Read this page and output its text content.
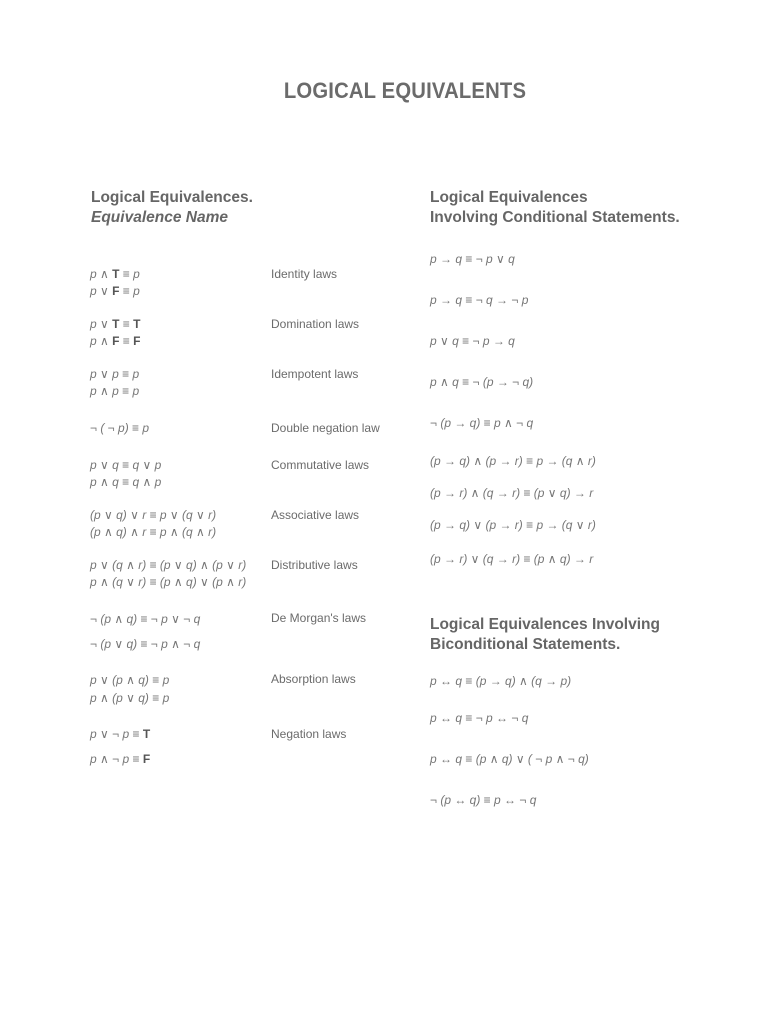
LOGICAL EQUIVALENTS
Logical Equivalences.
Equivalence Name
p ∧ T ≡ p
p ∨ F ≡ p
Identity laws
p ∨ T ≡ T
p ∧ F ≡ F
Domination laws
p ∨ p ≡ p
p ∧ p ≡ p
Idempotent laws
¬ ( ¬ p) ≡ p	Double negation law
p ∨ q ≡ q ∨ p
p ∧ q ≡ q ∧ p
Commutative laws
(p ∨ q) ∨ r ≡ p ∨ (q ∨ r)
(p ∧ q) ∧ r ≡ p ∧ (q ∧ r)
Associative laws
p ∨ (q ∧ r) ≡ (p ∨ q) ∧ (p ∨ r)
p ∧ (q ∨ r) ≡ (p ∧ q) ∨ (p ∧ r)
Distributive laws
¬ (p ∧ q) ≡ ¬ p ∨ ¬ q
¬ (p ∨ q) ≡ ¬ p ∧ ¬ q
De Morgan's laws
p ∨ (p ∧ q) ≡ p
p ∧ (p ∨ q) ≡ p
Absorption laws
p ∨ ¬ p ≡ T
p ∧ ¬ p ≡ F
Negation laws
Logical Equivalences
Involving Conditional Statements.
p → q ≡ ¬ p ∨ q
p → q ≡ ¬ q → ¬ p
p ∨ q ≡ ¬ p → q
p ∧ q ≡ ¬ (p → ¬ q)
¬ (p → q) ≡ p ∧ ¬ q
(p → q) ∧ (p → r) ≡ p → (q ∧ r)
(p → r) ∧ (q → r) ≡ (p ∨ q) → r
(p → q) ∨ (p → r) ≡ p → (q ∨ r)
(p → r) ∨ (q → r) ≡ (p ∧ q) → r
Logical Equivalences Involving
Biconditional Statements.
p ↔ q ≡ (p → q) ∧ (q → p)
p ↔ q ≡ ¬ p ↔ ¬ q
p ↔ q ≡ (p ∧ q) ∨ ( ¬ p ∧ ¬ q)
¬ (p ↔ q) ≡ p ↔ ¬ q
